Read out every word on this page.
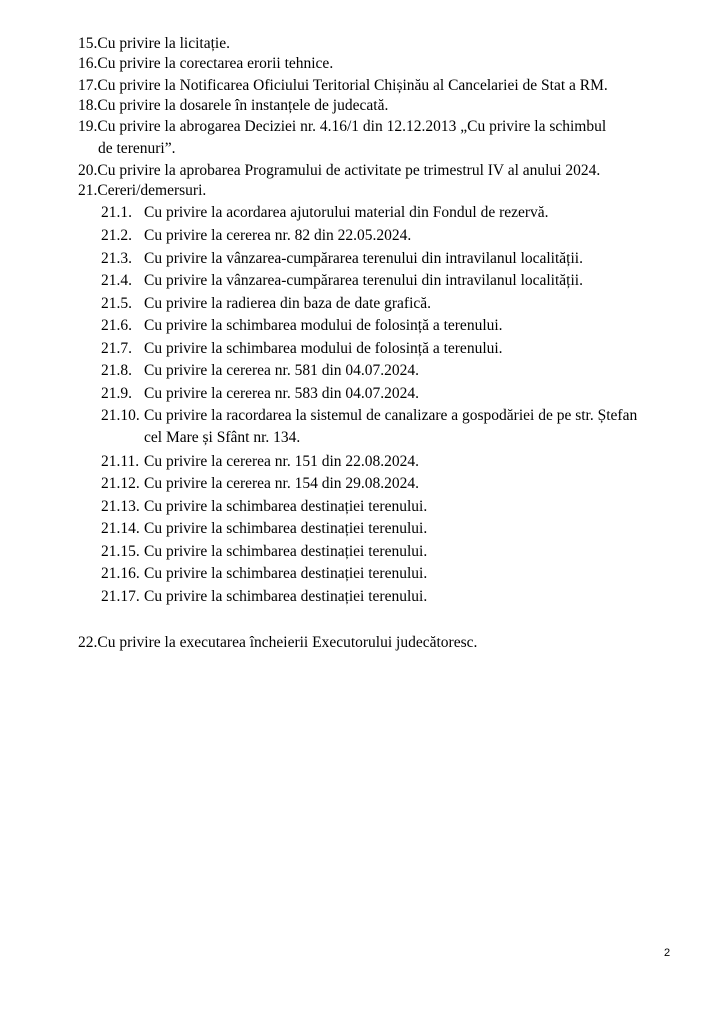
15.Cu privire la licitație.
16.Cu privire la corectarea erorii tehnice.
17.Cu privire la Notificarea Oficiului Teritorial Chișinău al Cancelariei de Stat a RM.
18.Cu privire la dosarele în instanțele de judecată.
19.Cu privire la abrogarea Deciziei nr. 4.16/1 din 12.12.2013 „Cu privire la schimbul
de terenuri”.
20.Cu privire la aprobarea Programului de activitate pe trimestrul IV al anului 2024.
21.Cereri/demersuri.
21.1. Cu privire la acordarea ajutorului material din Fondul de rezervă.
21.2. Cu privire la cererea nr. 82 din 22.05.2024.
21.3. Cu privire la vânzarea-cumpărarea terenului din intravilanul localității.
21.4. Cu privire la vânzarea-cumpărarea terenului din intravilanul localității.
21.5. Cu privire la radierea din baza de date grafică.
21.6. Cu privire la schimbarea modului de folosință a terenului.
21.7. Cu privire la schimbarea modului de folosință a terenului.
21.8. Cu privire la cererea nr. 581 din 04.07.2024.
21.9. Cu privire la cererea nr. 583 din 04.07.2024.
21.10. Cu privire la racordarea la sistemul de canalizare a gospodăriei de pe str. Ștefan
cel Mare și Sfânt nr. 134.
21.11. Cu privire la cererea nr. 151 din 22.08.2024.
21.12. Cu privire la cererea nr. 154 din 29.08.2024.
21.13. Cu privire la schimbarea destinației terenului.
21.14. Cu privire la schimbarea destinației terenului.
21.15. Cu privire la schimbarea destinației terenului.
21.16. Cu privire la schimbarea destinației terenului.
21.17. Cu privire la schimbarea destinației terenului.
22.Cu privire la executarea încheierii Executorului judecătoresc.
2
